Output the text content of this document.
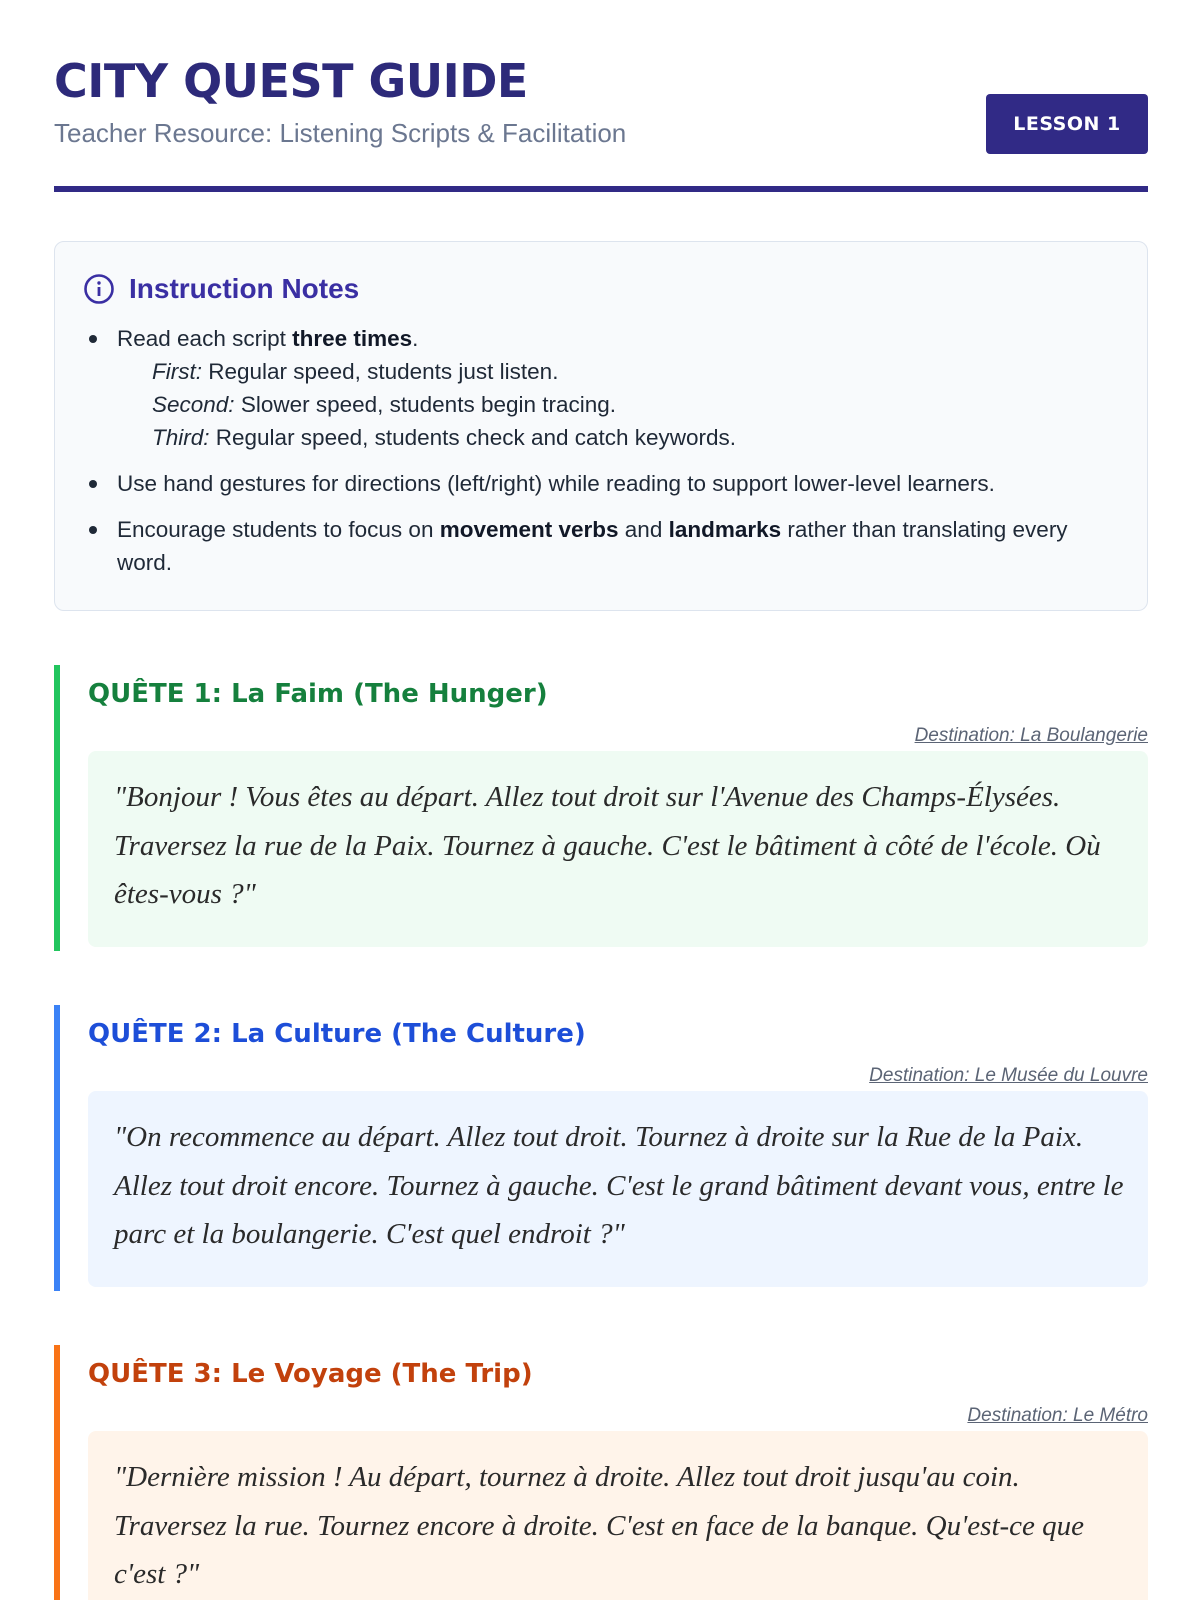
CITY QUEST GUIDE
Teacher Resource: Listening Scripts & Facilitation	LESSON 1
Instruction Notes
Read each script three times.
First: Regular speed, students just listen.
Second: Slower speed, students begin tracing.
Third: Regular speed, students check and catch keywords.
Use hand gestures for directions (left/right) while reading to support lower-level learners.
Encourage students to focus on movement verbs and landmarks rather than translating every word.
QUÊTE 1: La Faim (The Hunger)
Destination: La Boulangerie
"Bonjour ! Vous êtes au départ. Allez tout droit sur l'Avenue des Champs-Élysées. Traversez la rue de la Paix. Tournez à gauche. C'est le bâtiment à côté de l'école. Où êtes-vous ?"
QUÊTE 2: La Culture (The Culture)
Destination: Le Musée du Louvre
"On recommence au départ. Allez tout droit. Tournez à droite sur la Rue de la Paix. Allez tout droit encore. Tournez à gauche. C'est le grand bâtiment devant vous, entre le parc et la boulangerie. C'est quel endroit ?"
QUÊTE 3: Le Voyage (The Trip)
Destination: Le Métro
"Dernière mission ! Au départ, tournez à droite. Allez tout droit jusqu'au coin. Traversez la rue. Tournez encore à droite. C'est en face de la banque. Qu'est-ce que c'est ?"
